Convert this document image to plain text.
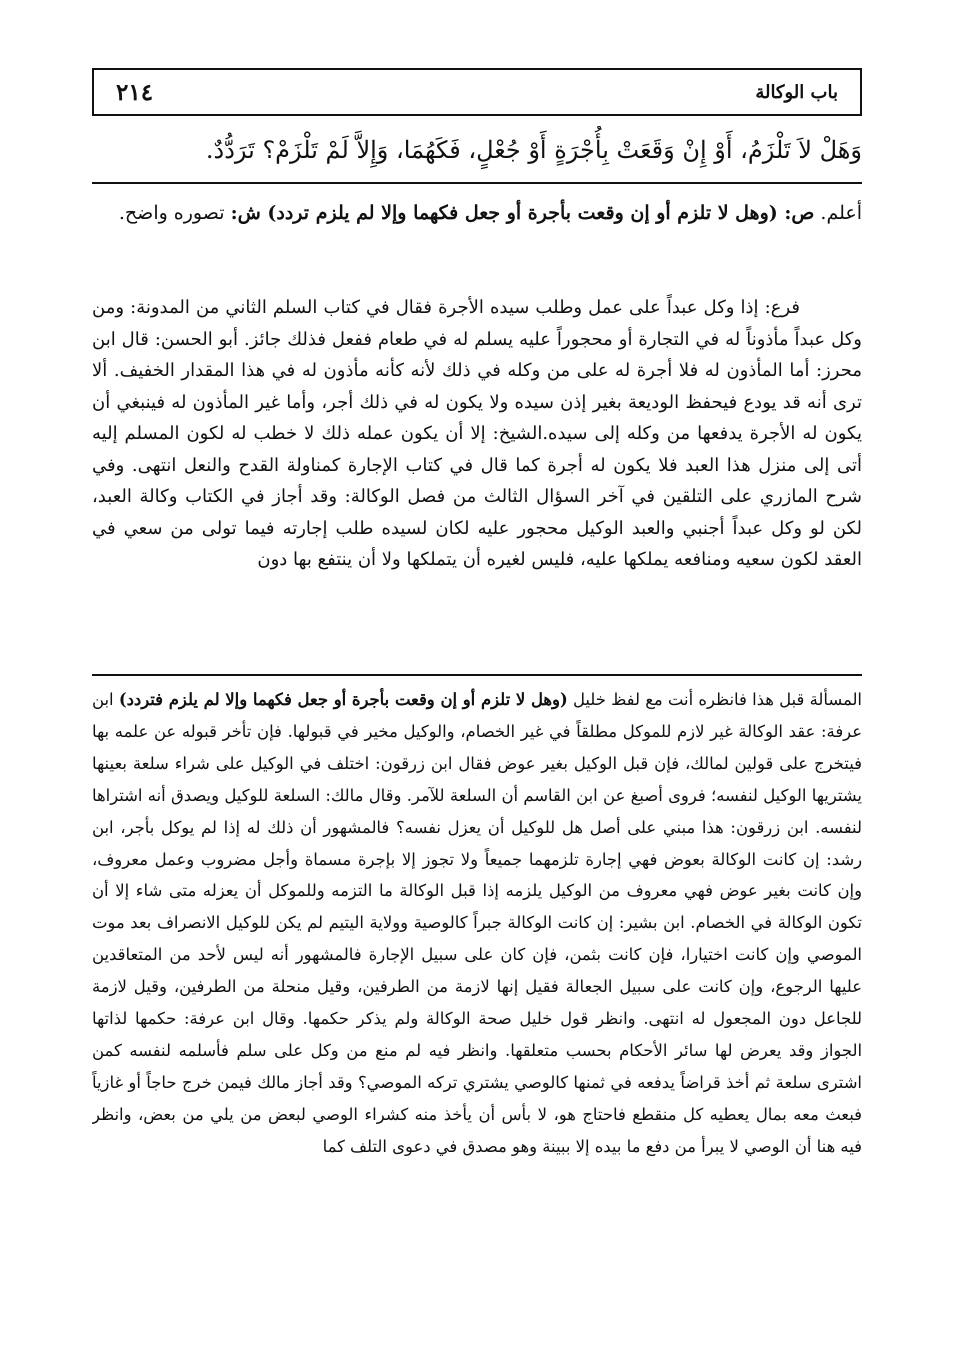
باب الوكالة
٢١٤
وَهَلْ لاَ تَلْزَمُ، أَوْ إِنْ وَقَعَتْ بِأُجْرَةٍ أَوْ جُعْلٍ، فَكَهُمَا، وَإِلاَّ لَمْ تَلْزَمْ؟ تَرَدُّدٌ.

أعلم. ص: (وهل لا تلزم أو إن وقعت بأجرة أو جعل فكهما وإلا لم يلزم تردد) ش: تصوره واضح.

فرع: إذا وكل عبداً على عمل وطلب سيده الأجرة فقال في كتاب السلم الثاني من المدونة: ومن وكل عبداً مأذوناً له في التجارة أو محجوراً عليه يسلم له في طعام ففعل فذلك جائز. أبو الحسن: قال ابن محرز: أما المأذون له فلا أجرة له على من وكله في ذلك لأنه كأنه مأذون له في هذا المقدار الخفيف. ألا ترى أنه قد يودع فيحفظ الوديعة بغير إذن سيده ولا يكون له في ذلك أجر، وأما غير المأذون له فينبغي أن يكون له الأجرة يدفعها من وكله إلى سيده.الشيخ: إلا أن يكون عمله ذلك لا خطب له لكون المسلم إليه أتى إلى منزل هذا العبد فلا يكون له أجرة كما قال في كتاب الإجارة كمناولة القدح والنعل انتهى. وفي شرح المازري على التلقين في آخر السؤال الثالث من فصل الوكالة: وقد أجاز في الكتاب وكالة العبد، لكن لو وكل عبداً أجنبي والعبد الوكيل محجور عليه لكان لسيده طلب إجارته فيما تولى من سعي في العقد لكون سعيه ومنافعه يملكها عليه، فليس لغيره أن يتملكها ولا أن ينتفع بها دون

المسألة قبل هذا فانظره أنت مع لفظ خليل (وهل لا تلزم أو إن وقعت بأجرة أو جعل فكهما وإلا لم يلزم فتردد) ابن عرفة: عقد الوكالة غير لازم للموكل مطلقاً في غير الخصام، والوكيل مخير في قبولها. فإن تأخر قبوله عن علمه بها فيتخرج على قولين لمالك، فإن قبل الوكيل بغير عوض فقال ابن زرقون: اختلف في الوكيل على شراء سلعة بعينها يشتريها الوكيل لنفسه؛ فروى أصبغ عن ابن القاسم أن السلعة للآمر. وقال مالك: السلعة للوكيل ويصدق أنه اشتراها لنفسه. ابن زرقون: هذا مبني على أصل هل للوكيل أن يعزل نفسه؟ فالمشهور أن ذلك له إذا لم يوكل بأجر، ابن رشد: إن كانت الوكالة بعوض فهي إجارة تلزمهما جميعاً ولا تجوز إلا بإجرة مسماة وأجل مضروب وعمل معروف، وإن كانت بغير عوض فهي معروف من الوكيل يلزمه إذا قبل الوكالة ما التزمه وللموكل أن يعزله متى شاء إلا أن تكون الوكالة في الخصام. ابن بشير: إن كانت الوكالة جبراً كالوصية وولاية اليتيم لم يكن للوكيل الانصراف بعد موت الموصي وإن كانت اختيارا، فإن كانت بثمن، فإن كان على سبيل الإجارة فالمشهور أنه ليس لأحد من المتعاقدين عليها الرجوع، وإن كانت على سبيل الجعالة فقيل إنها لازمة من الطرفين، وقيل منحلة من الطرفين، وقيل لازمة للجاعل دون المجعول له انتهى. وانظر قول خليل صحة الوكالة ولم يذكر حكمها. وقال ابن عرفة: حكمها لذاتها الجواز وقد يعرض لها سائر الأحكام بحسب متعلقها. وانظر فيه لم منع من وكل على سلم فأسلمه لنفسه كمن اشترى سلعة ثم أخذ قراضاً يدفعه في ثمنها كالوصي يشتري تركه الموصي؟ وقد أجاز مالك فيمن خرج حاجاً أو غازياً فبعث معه بمال يعطيه كل منقطع فاحتاج هو، لا بأس أن يأخذ منه كشراء الوصي لبعض من يلي من بعض، وانظر فيه هنا أن الوصي لا يبرأ من دفع ما بيده إلا ببينة وهو مصدق في دعوى التلف كما
